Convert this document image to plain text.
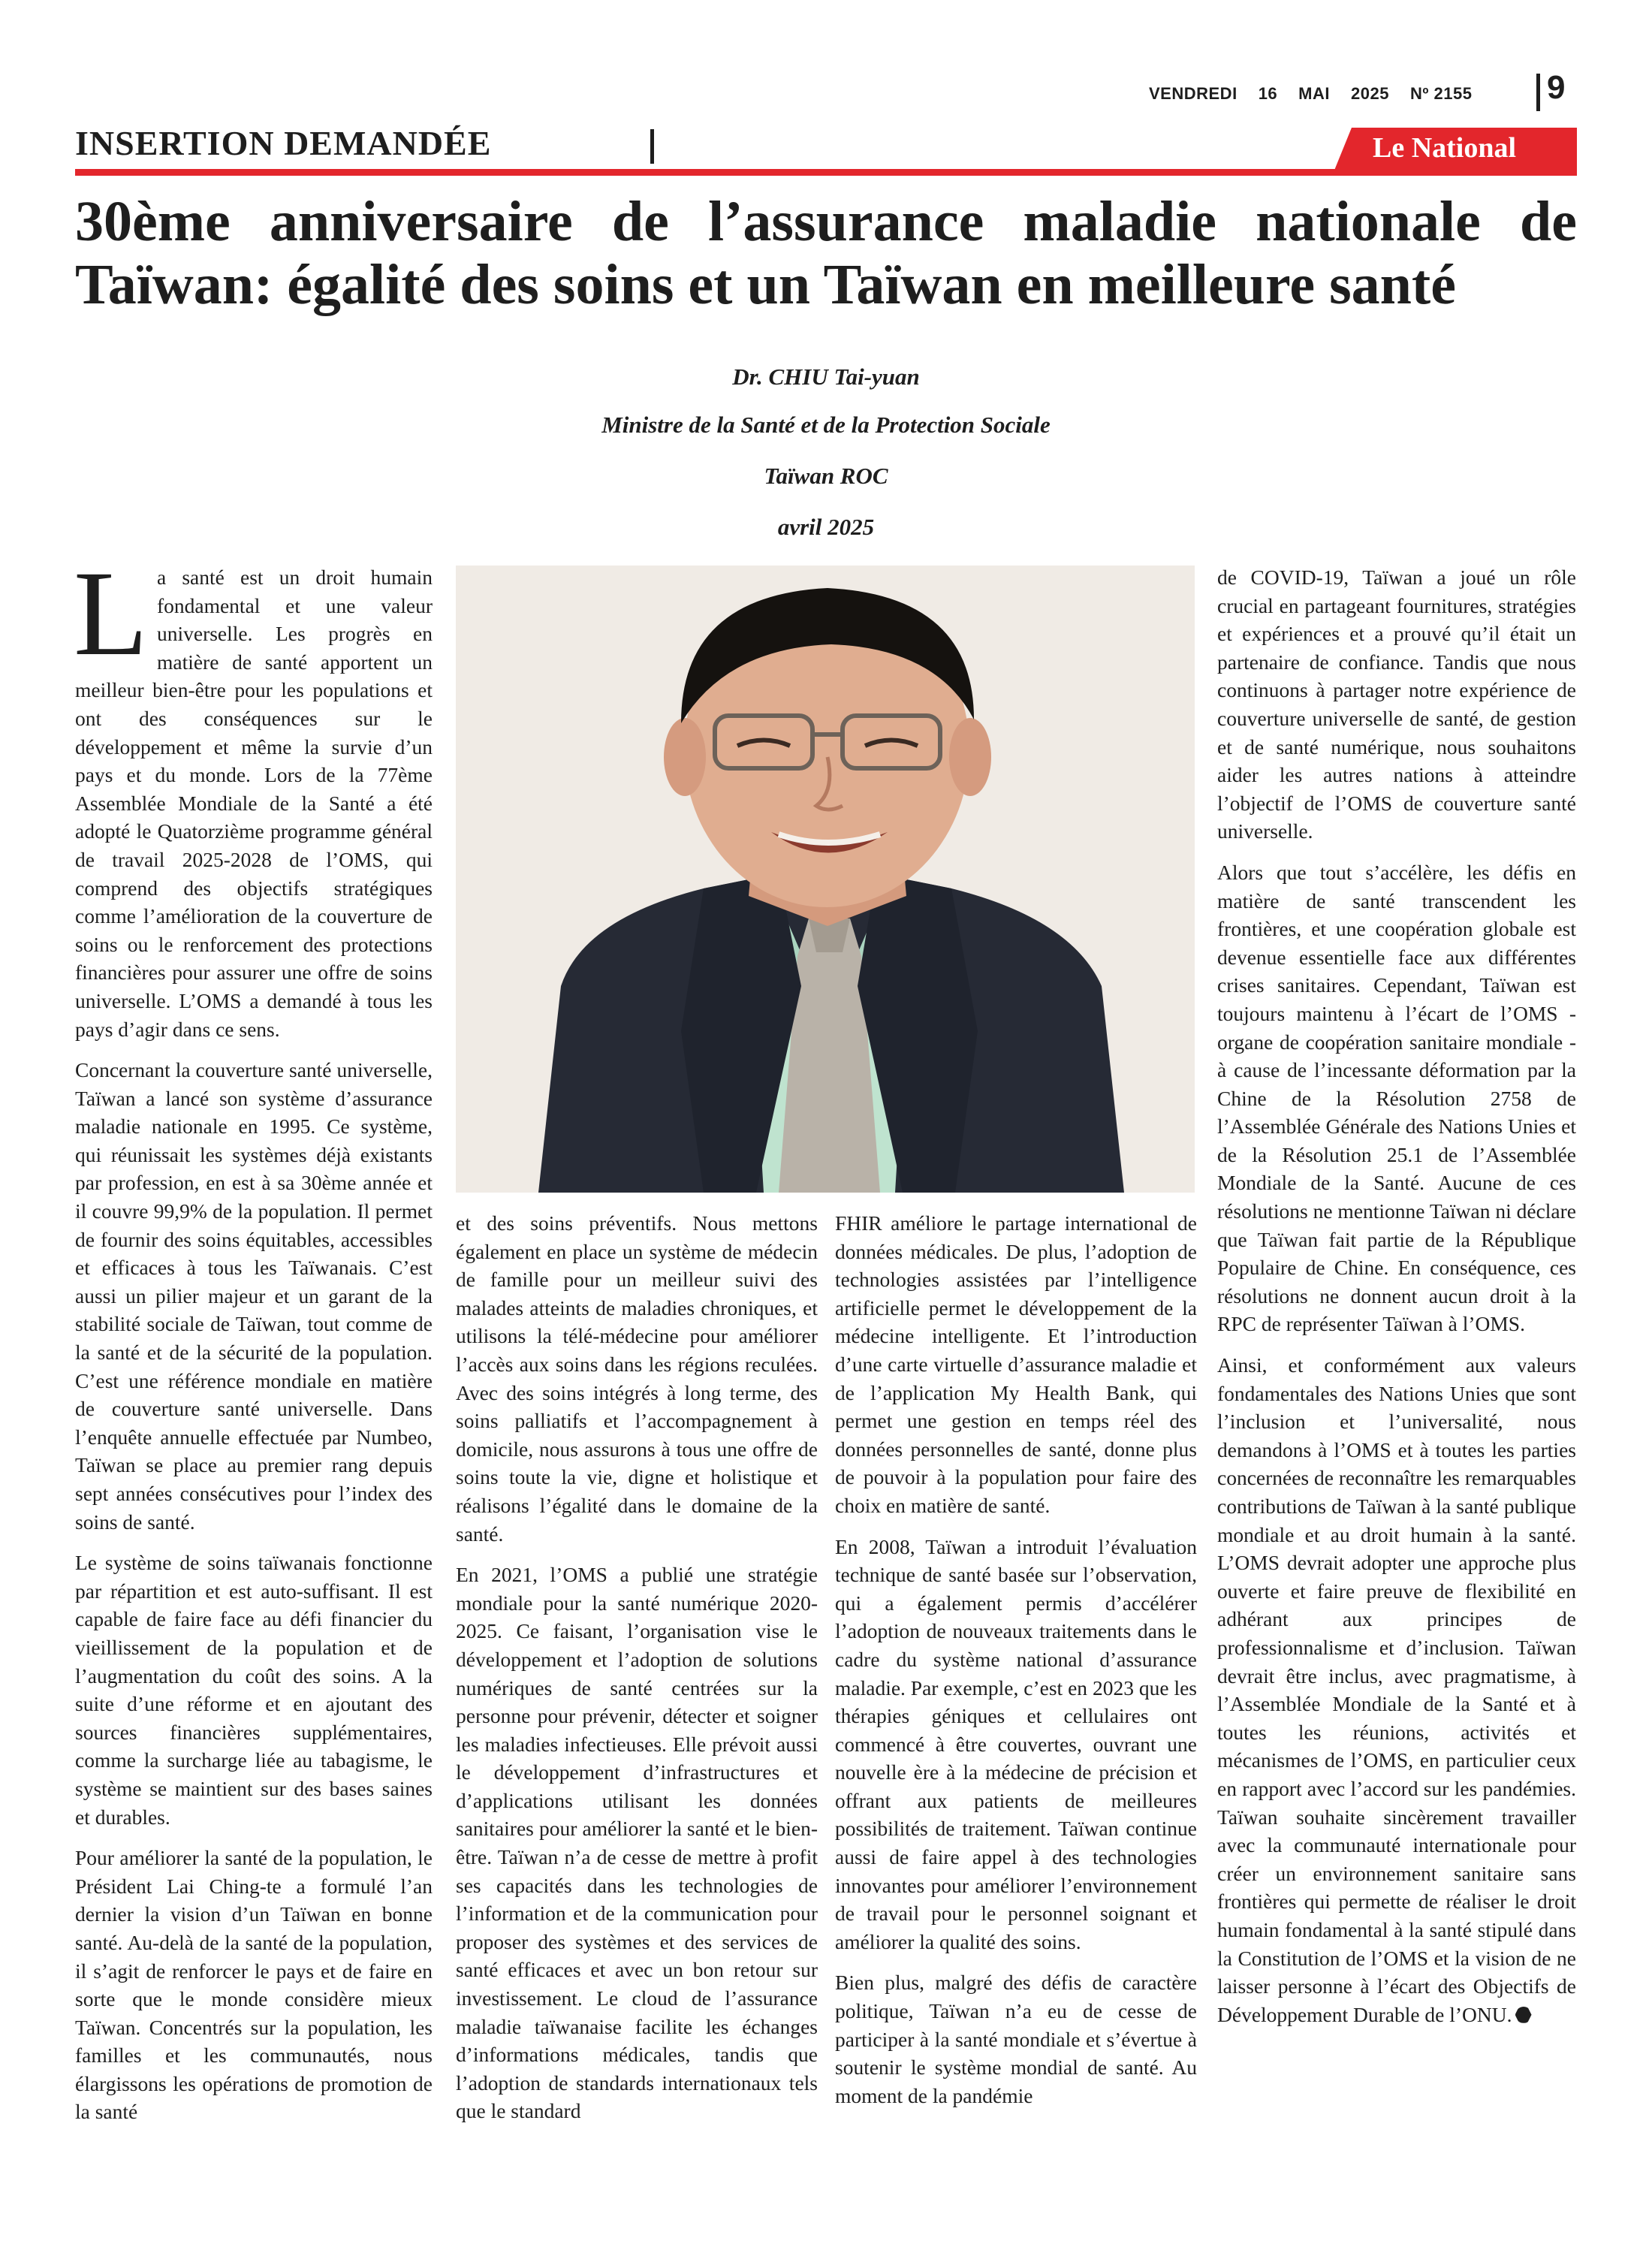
VENDREDI 16 MAI 2025 Nº 2155	9
INSERTION DEMANDÉE	Le National
30ème anniversaire de l’assurance maladie nationale de Taïwan: égalité des soins et un Taïwan en meilleure santé
Dr. CHIU Tai-yuan
Ministre de la Santé et de la Protection Sociale
Taïwan ROC
avril 2025

La santé est un droit humain fondamental et une valeur universelle. Les progrès en matière de santé apportent un meilleur bien-être pour les populations et ont des conséquences sur le développement et même la survie d’un pays et du monde. Lors de la 77ème Assemblée Mondiale de la Santé a été adopté le Quatorzième programme général de travail 2025-2028 de l’OMS, qui comprend des objectifs stratégiques comme l’amélioration de la couverture de soins ou le renforcement des protections financières pour assurer une offre de soins universelle. L’OMS a demandé à tous les pays d’agir dans ce sens.

Concernant la couverture santé universelle, Taïwan a lancé son système d’assurance maladie nationale en 1995. Ce système, qui réunissait les systèmes déjà existants par profession, en est à sa 30ème année et il couvre 99,9% de la population. Il permet de fournir des soins équitables, accessibles et efficaces à tous les Taïwanais. C’est aussi un pilier majeur et un garant de la stabilité sociale de Taïwan, tout comme de la santé et de la sécurité de la population. C’est une référence mondiale en matière de couverture santé universelle. Dans l’enquête annuelle effectuée par Numbeo, Taïwan se place au premier rang depuis sept années consécutives pour l’index des soins de santé.

Le système de soins taïwanais fonctionne par répartition et est auto-suffisant. Il est capable de faire face au défi financier du vieillissement de la population et de l’augmentation du coût des soins. A la suite d’une réforme et en ajoutant des sources financières supplémentaires, comme la surcharge liée au tabagisme, le système se maintient sur des bases saines et durables.

Pour améliorer la santé de la population, le Président Lai Ching-te a formulé l’an dernier la vision d’un Taïwan en bonne santé. Au-delà de la santé de la population, il s’agit de renforcer le pays et de faire en sorte que le monde considère mieux Taïwan. Concentrés sur la population, les familles et les communautés, nous élargissons les opérations de promotion de la santé

et des soins préventifs. Nous mettons également en place un système de médecin de famille pour un meilleur suivi des malades atteints de maladies chroniques, et utilisons la télé-médecine pour améliorer l’accès aux soins dans les régions reculées. Avec des soins intégrés à long terme, des soins palliatifs et l’accompagnement à domicile, nous assurons à tous une offre de soins toute la vie, digne et holistique et réalisons l’égalité dans le domaine de la santé.

En 2021, l’OMS a publié une stratégie mondiale pour la santé numérique 2020-2025. Ce faisant, l’organisation vise le développement et l’adoption de solutions numériques de santé centrées sur la personne pour prévenir, détecter et soigner les maladies infectieuses. Elle prévoit aussi le développement d’infrastructures et d’applications utilisant les données sanitaires pour améliorer la santé et le bien-être. Taïwan n’a de cesse de mettre à profit ses capacités dans les technologies de l’information et de la communication pour proposer des systèmes et des services de santé efficaces et avec un bon retour sur investissement. Le cloud de l’assurance maladie taïwanaise facilite les échanges d’informations médicales, tandis que l’adoption de standards internationaux tels que le standard

FHIR améliore le partage international de données médicales. De plus, l’adoption de technologies assistées par l’intelligence artificielle permet le développement de la médecine intelligente. Et l’introduction d’une carte virtuelle d’assurance maladie et de l’application My Health Bank, qui permet une gestion en temps réel des données personnelles de santé, donne plus de pouvoir à la population pour faire des choix en matière de santé.

En 2008, Taïwan a introduit l’évaluation technique de santé basée sur l’observation, qui a également permis d’accélérer l’adoption de nouveaux traitements dans le cadre du système national d’assurance maladie. Par exemple, c’est en 2023 que les thérapies géniques et cellulaires ont commencé à être couvertes, ouvrant une nouvelle ère à la médecine de précision et offrant aux patients de meilleures possibilités de traitement. Taïwan continue aussi de faire appel à des technologies innovantes pour améliorer l’environnement de travail pour le personnel soignant et améliorer la qualité des soins.

Bien plus, malgré des défis de caractère politique, Taïwan n’a eu de cesse de participer à la santé mondiale et s’évertue à soutenir le système mondial de santé. Au moment de la pandémie

de COVID-19, Taïwan a joué un rôle crucial en partageant fournitures, stratégies et expériences et a prouvé qu’il était un partenaire de confiance. Tandis que nous continuons à partager notre expérience de couverture universelle de santé, de gestion et de santé numérique, nous souhaitons aider les autres nations à atteindre l’objectif de l’OMS de couverture santé universelle.

Alors que tout s’accélère, les défis en matière de santé transcendent les frontières, et une coopération globale est devenue essentielle face aux différentes crises sanitaires. Cependant, Taïwan est toujours maintenu à l’écart de l’OMS - organe de coopération sanitaire mondiale - à cause de l’incessante déformation par la Chine de la Résolution 2758 de l’Assemblée Générale des Nations Unies et de la Résolution 25.1 de l’Assemblée Mondiale de la Santé. Aucune de ces résolutions ne mentionne Taïwan ni déclare que Taïwan fait partie de la République Populaire de Chine. En conséquence, ces résolutions ne donnent aucun droit à la RPC de représenter Taïwan à l’OMS.

Ainsi, et conformément aux valeurs fondamentales des Nations Unies que sont l’inclusion et l’universalité, nous demandons à l’OMS et à toutes les parties concernées de reconnaître les remarquables contributions de Taïwan à la santé publique mondiale et au droit humain à la santé. L’OMS devrait adopter une approche plus ouverte et faire preuve de flexibilité en adhérant aux principes de professionnalisme et d’inclusion. Taïwan devrait être inclus, avec pragmatisme, à l’Assemblée Mondiale de la Santé et à toutes les réunions, activités et mécanismes de l’OMS, en particulier ceux en rapport avec l’accord sur les pandémies. Taïwan souhaite sincèrement travailler avec la communauté internationale pour créer un environnement sanitaire sans frontières qui permette de réaliser le droit humain fondamental à la santé stipulé dans la Constitution de l’OMS et la vision de ne laisser personne à l’écart des Objectifs de Développement Durable de l’ONU.
